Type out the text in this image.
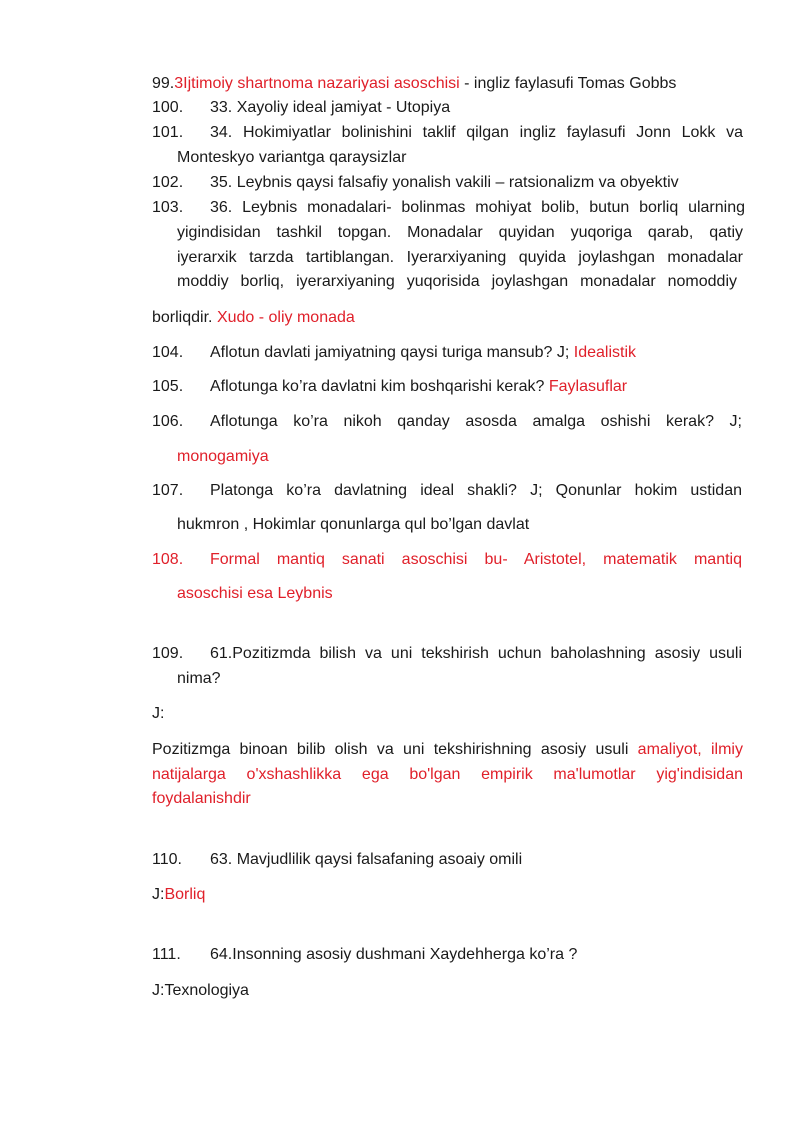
99.3Ijtimoiy shartnoma nazariyasi asoschisi - ingliz faylasufi Tomas Gobbs
100. 33. Xayoliy ideal jamiyat - Utopiya
101. 34. Hokimiyatlar bolinishini taklif qilgan ingliz faylasufi Jonn Lokk va
Monteskyo variantga qaraysizlar
102. 35. Leybnis qaysi falsafiy yonalish vakili – ratsionalizm va obyektiv
103. 36. Leybnis monadalari- bolinmas mohiyat bolib, butun borliq ularning
yigindisidan tashkil topgan. Monadalar quyidan yuqoriga qarab, qatiy
iyerarxik tarzda tartiblangan. Iyerarxiyaning quyida joylashgan monadalar
moddiy borliq, iyerarxiyaning yuqorisida joylashgan monadalar nomoddiy
borliqdir. Xudo - oliy monada
104. Aflotun davlati jamiyatning qaysi turiga mansub? J; Idealistik
105. Aflotunga ko’ra davlatni kim boshqarishi kerak? Faylasuflar
106. Aflotunga ko’ra nikoh qanday asosda amalga oshishi kerak? J;
monogamiya
107. Platonga ko’ra davlatning ideal shakli? J; Qonunlar hokim ustidan
hukmron , Hokimlar qonunlarga qul bo’lgan davlat
108. Formal mantiq sanati asoschisi bu- Aristotel, matematik mantiq
asoschisi esa Leybnis
109. 61.Pozitizmda bilish va uni tekshirish uchun baholashning asosiy usuli
nima?
J:
Pozitizmga binoan bilib olish va uni tekshirishning asosiy usuli amaliyot, ilmiy
natijalarga o'xshashlikka ega bo'lgan empirik ma'lumotlar yig'indisidan
foydalanishdir
110. 63. Mavjudlilik qaysi falsafaning asoaiy omili
J:Borliq
111. 64.Insonning asosiy dushmani Xaydehherga ko’ra ?
J:Texnologiya
